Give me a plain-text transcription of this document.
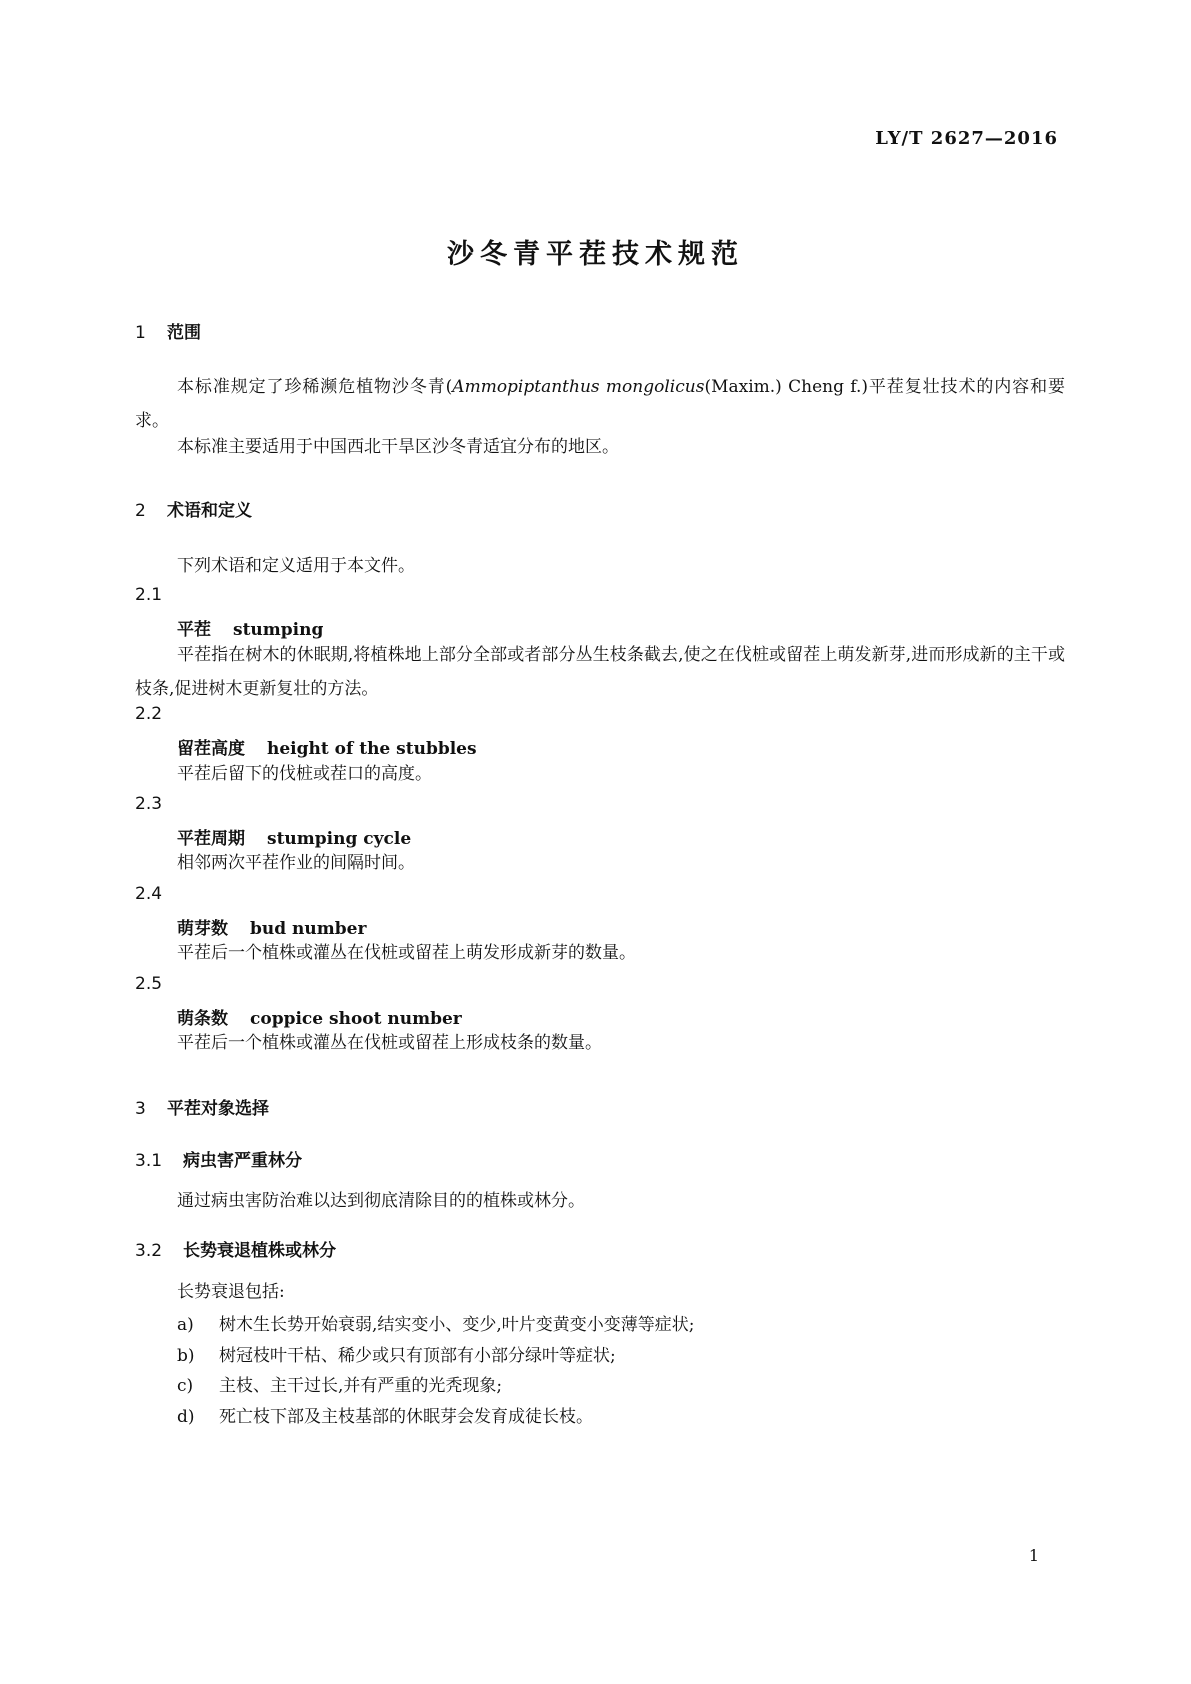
LY/T 2627—2016
沙冬青平茬技术规范
1 范围
本标准规定了珍稀濒危植物沙冬青(Ammopiptanthus mongolicus(Maxim.) Cheng f.)平茬复壮技术的内容和要求。
本标准主要适用于中国西北干旱区沙冬青适宜分布的地区。
2 术语和定义
下列术语和定义适用于本文件。
2.1
平茬 stumping
平茬指在树木的休眠期,将植株地上部分全部或者部分丛生枝条截去,使之在伐桩或留茬上萌发新芽,进而形成新的主干或枝条,促进树木更新复壮的方法。
2.2
留茬高度 height of the stubbles
平茬后留下的伐桩或茬口的高度。
2.3
平茬周期 stumping cycle
相邻两次平茬作业的间隔时间。
2.4
萌芽数 bud number
平茬后一个植株或灌丛在伐桩或留茬上萌发形成新芽的数量。
2.5
萌条数 coppice shoot number
平茬后一个植株或灌丛在伐桩或留茬上形成枝条的数量。
3 平茬对象选择
3.1 病虫害严重林分
通过病虫害防治难以达到彻底清除目的的植株或林分。
3.2 长势衰退植株或林分
长势衰退包括:
a) 树木生长势开始衰弱,结实变小、变少,叶片变黄变小变薄等症状;
b) 树冠枝叶干枯、稀少或只有顶部有小部分绿叶等症状;
c) 主枝、主干过长,并有严重的光秃现象;
d) 死亡枝下部及主枝基部的休眠芽会发育成徒长枝。
1
